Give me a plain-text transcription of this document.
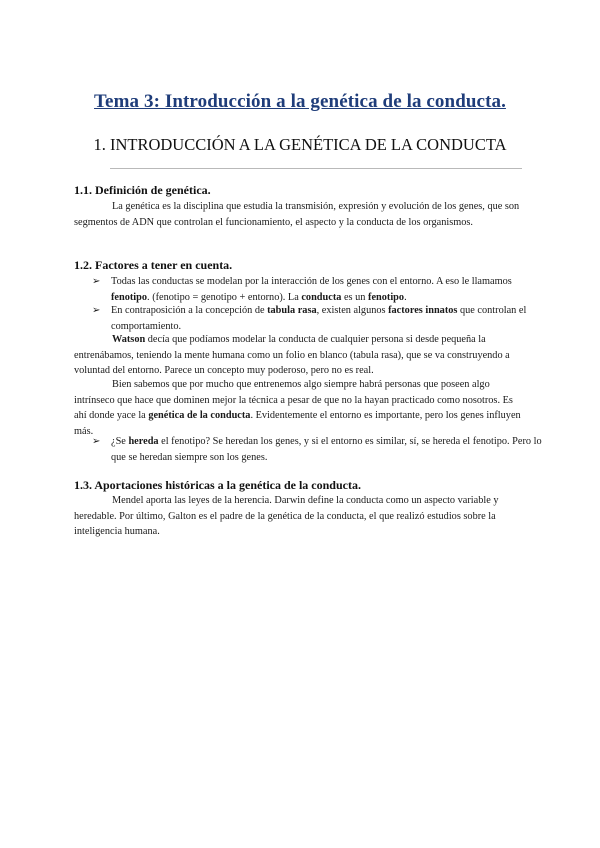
Tema 3: Introducción a la genética de la conducta.
1. INTRODUCCIÓN A LA GENÉTICA DE LA CONDUCTA
1.1. Definición de genética.

La genética es la disciplina que estudia la transmisión, expresión y evolución de los genes, que son segmentos de ADN que controlan el funcionamiento, el aspecto y la conducta de los organismos.

1.2. Factores a tener en cuenta.

➢ Todas las conductas se modelan por la interacción de los genes con el entorno. A eso le llamamos fenotipo. (fenotipo = genotipo + entorno). La conducta es un fenotipo.

➢ En contraposición a la concepción de tabula rasa, existen algunos factores innatos que controlan el comportamiento.

Watson decía que podíamos modelar la conducta de cualquier persona si desde pequeña la entrenábamos, teniendo la mente humana como un folio en blanco (tabula rasa), que se va construyendo a voluntad del entorno. Parece un concepto muy poderoso, pero no es real.

Bien sabemos que por mucho que entrenemos algo siempre habrá personas que poseen algo intrínseco que hace que dominen mejor la técnica a pesar de que no la hayan practicado como nosotros. Es ahí donde yace la genética de la conducta. Evidentemente el entorno es importante, pero los genes influyen más.

➢ ¿Se hereda el fenotipo? Se heredan los genes, y si el entorno es similar, sí, se hereda el fenotipo. Pero lo que se heredan siempre son los genes.

1.3. Aportaciones históricas a la genética de la conducta.

Mendel aporta las leyes de la herencia. Darwin define la conducta como un aspecto variable y heredable. Por último, Galton es el padre de la genética de la conducta, el que realizó estudios sobre la inteligencia humana.
